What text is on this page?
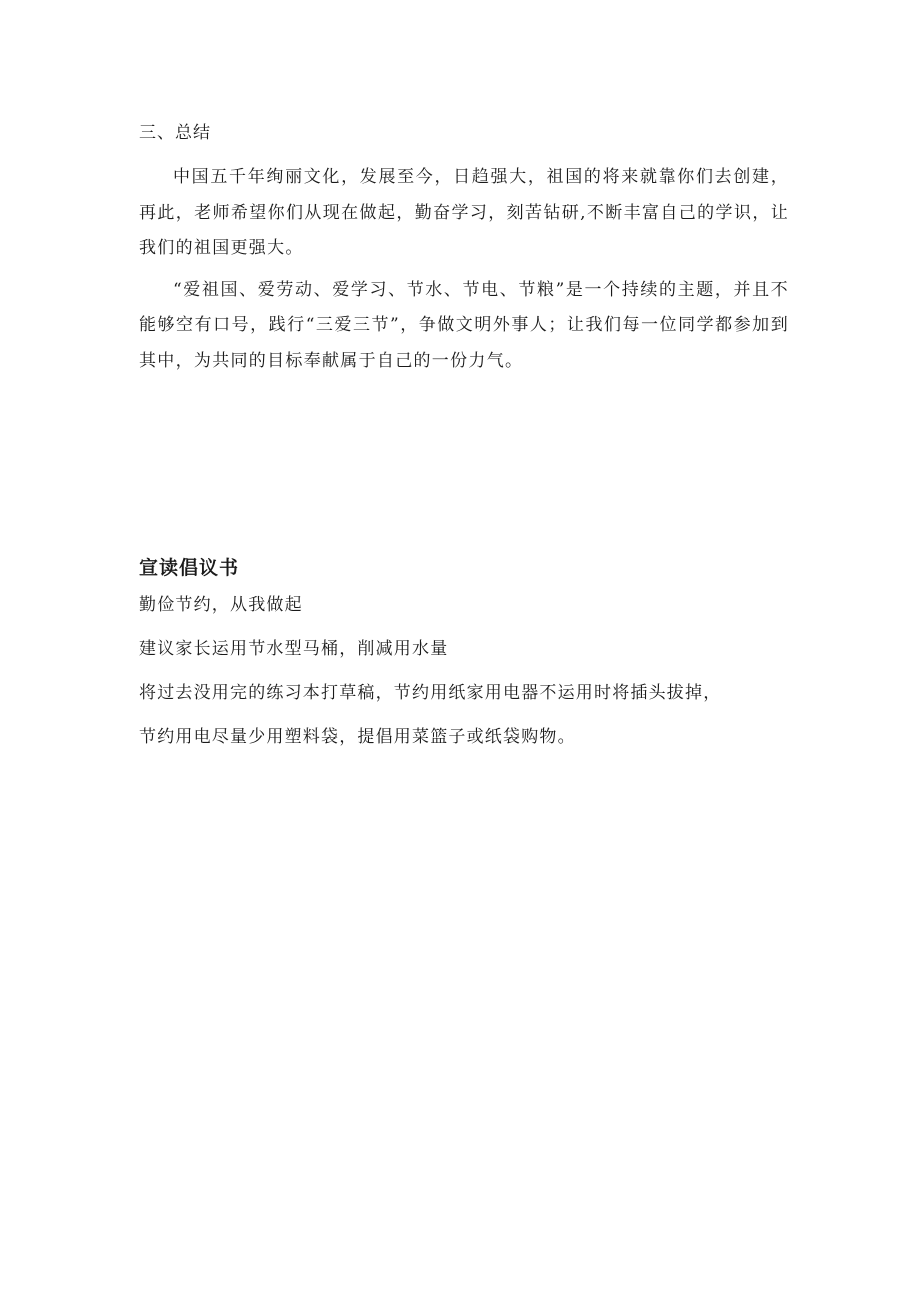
三、总结

中国五千年绚丽文化，发展至今，日趋强大，祖国的将来就靠你们去创建，再此，老师希望你们从现在做起，勤奋学习，刻苦钻研,不断丰富自己的学识，让我们的祖国更强大。

“爱祖国、爱劳动、爱学习、节水、节电、节粮”是一个持续的主题，并且不能够空有口号，践行“三爱三节”，争做文明外事人；让我们每一位同学都参加到其中，为共同的目标奉献属于自己的一份力气。

宣读倡议书
勤俭节约，从我做起
建议家长运用节水型马桶，削减用水量
将过去没用完的练习本打草稿，节约用纸家用电器不运用时将插头拔掉，
节约用电尽量少用塑料袋，提倡用菜篮子或纸袋购物。
